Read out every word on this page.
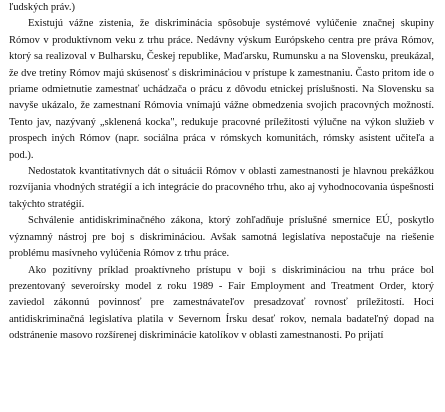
ľudských práv.)

Existujú vážne zistenia, že diskriminácia spôsobuje systémové vylúčenie značnej skupiny Rómov v produktívnom veku z trhu práce. Nedávny výskum Európskeho centra pre práva Rómov, ktorý sa realizoval v Bulharsku, Českej republike, Maďarsku, Rumunsku a na Slovensku, preukázal, že dve tretiny Rómov majú skúsenosť s diskrimináciou v prístupe k zamestnaniu. Často pritom ide o priame odmietnutie zamestnať uchádzača o prácu z dôvodu etnickej príslušnosti. Na Slovensku sa navyše ukázalo, že zamestnaní Rómovia vnímajú vážne obmedzenia svojich pracovných možností. Tento jav, nazývaný „sklenená kocka", redukuje pracovné príležitosti výlučne na výkon služieb v prospech iných Rómov (napr. sociálna práca v rómskych komunitách, rómsky asistent učiteľa a pod.).

Nedostatok kvantitatívnych dát o situácii Rómov v oblasti zamestnanosti je hlavnou prekážkou rozvíjania vhodných stratégií a ich integrácie do pracovného trhu, ako aj vyhodnocovania úspešnosti takýchto stratégií.

Schválenie antidiskriminačného zákona, ktorý zohľadňuje príslušné smernice EÚ, poskytlo významný nástroj pre boj s diskrimináciou. Avšak samotná legislatíva nepostačuje na riešenie problému masívneho vylúčenia Rómov z trhu práce.

Ako pozitívny príklad proaktívneho prístupu v boji s diskrimináciou na trhu práce bol prezentovaný severoírsky model z roku 1989 - Fair Employment and Treatment Order, ktorý zaviedol zákonnú povinnosť pre zamestnávateľov presadzovať rovnosť príležitostí. Hoci antidiskriminačná legislatíva platila v Severnom Írsku desať rokov, nemala badateľný dopad na odstránenie masovo rozšírenej diskriminácie katolíkov v oblasti zamestnanosti. Po prijatí
